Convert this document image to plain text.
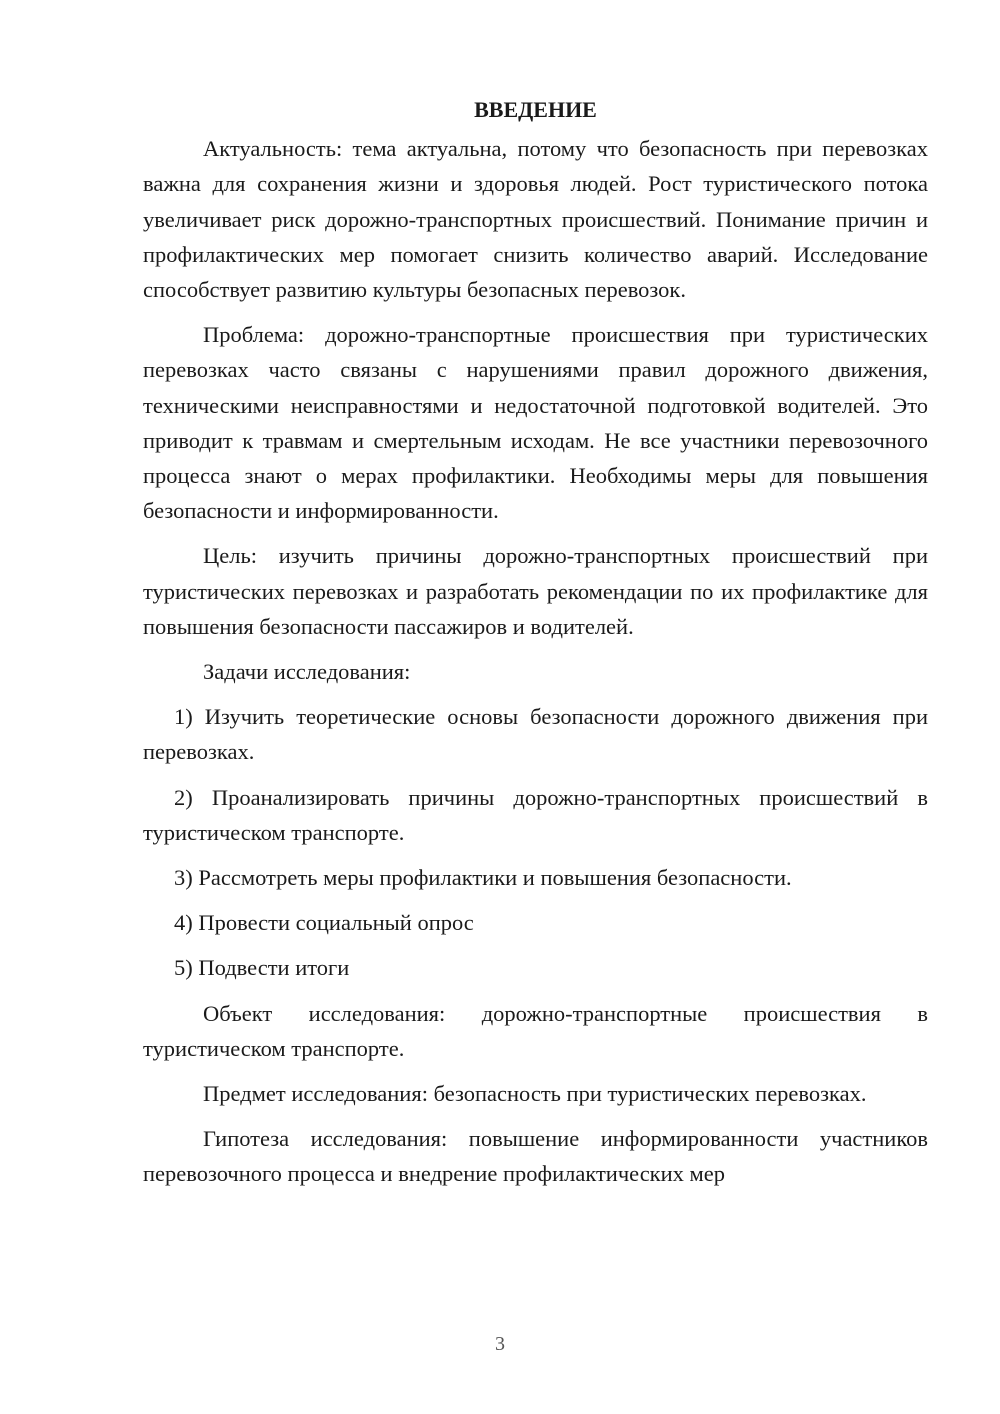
ВВЕДЕНИЕ

Актуальность: тема актуальна, потому что безопасность при перевозках важна для сохранения жизни и здоровья людей. Рост туристического потока увеличивает риск дорожно-транспортных происшествий. Понимание причин и профилактических мер помогает снизить количество аварий. Исследование способствует развитию культуры безопасных перевозок.

Проблема: дорожно-транспортные происшествия при туристических перевозках часто связаны с нарушениями правил дорожного движения, техническими неисправностями и недостаточной подготовкой водителей. Это приводит к травмам и смертельным исходам. Не все участники перевозочного процесса знают о мерах профилактики. Необходимы меры для повышения безопасности и информированности.

Цель: изучить причины дорожно-транспортных происшествий при туристических перевозках и разработать рекомендации по их профилактике для повышения безопасности пассажиров и водителей.

Задачи исследования:

1) Изучить теоретические основы безопасности дорожного движения при перевозках.

2) Проанализировать причины дорожно-транспортных происшествий в туристическом транспорте.

3) Рассмотреть меры профилактики и повышения безопасности.

4) Провести социальный опрос

5) Подвести итоги

Объект исследования: дорожно-транспортные происшествия в туристическом транспорте.

Предмет исследования: безопасность при туристических перевозках.

Гипотеза исследования: повышение информированности участников перевозочного процесса и внедрение профилактических мер

3
